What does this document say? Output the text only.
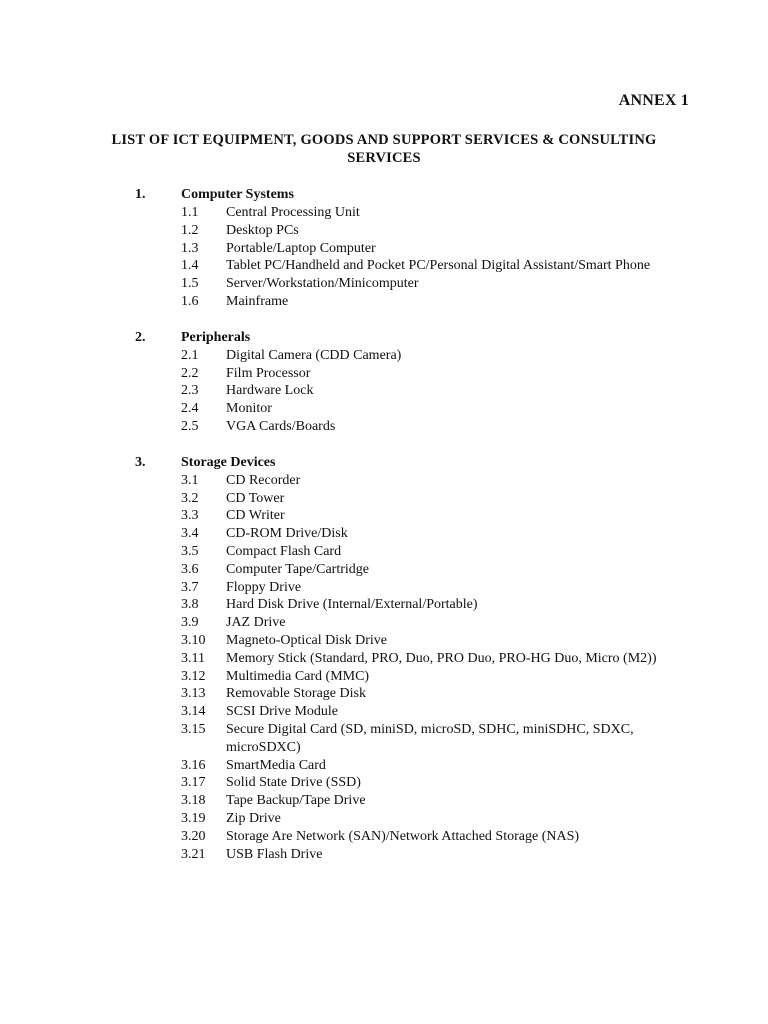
ANNEX 1
LIST OF ICT EQUIPMENT, GOODS AND SUPPORT SERVICES & CONSULTING
SERVICES
1.	Computer Systems
1.1 Central Processing Unit
1.2 Desktop PCs
1.3 Portable/Laptop Computer
1.4 Tablet PC/Handheld and Pocket PC/Personal Digital Assistant/Smart Phone
1.5 Server/Workstation/Minicomputer
1.6 Mainframe
2.	Peripherals
2.1 Digital Camera (CDD Camera)
2.2 Film Processor
2.3 Hardware Lock
2.4 Monitor
2.5 VGA Cards/Boards
3.	Storage Devices
3.1 CD Recorder
3.2 CD Tower
3.3 CD Writer
3.4 CD-ROM Drive/Disk
3.5 Compact Flash Card
3.6 Computer Tape/Cartridge
3.7 Floppy Drive
3.8 Hard Disk Drive (Internal/External/Portable)
3.9 JAZ Drive
3.10 Magneto-Optical Disk Drive
3.11 Memory Stick (Standard, PRO, Duo, PRO Duo, PRO-HG Duo, Micro (M2))
3.12 Multimedia Card (MMC)
3.13 Removable Storage Disk
3.14 SCSI Drive Module
3.15 Secure Digital Card (SD, miniSD, microSD, SDHC, miniSDHC, SDXC, microSDXC)
3.16 SmartMedia Card
3.17 Solid State Drive (SSD)
3.18 Tape Backup/Tape Drive
3.19 Zip Drive
3.20 Storage Are Network (SAN)/Network Attached Storage (NAS)
3.21 USB Flash Drive
